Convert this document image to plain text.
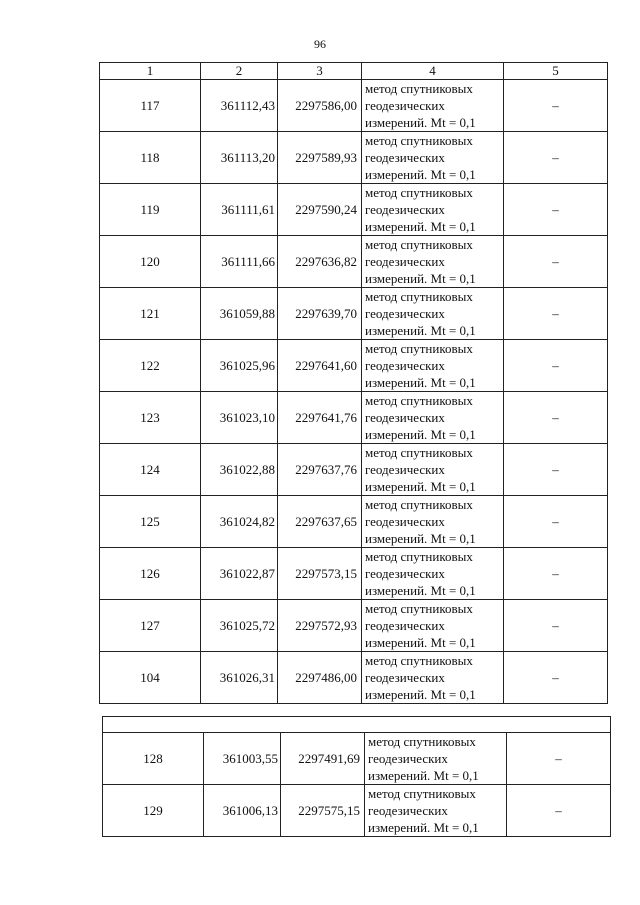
96
1	2	3	4	5
117	361112,43	2297586,00	метод спутниковых
геодезических
измерений. Mt = 0,1	–
118	361113,20	2297589,93	метод спутниковых
геодезических
измерений. Mt = 0,1	–
119	361111,61	2297590,24	метод спутниковых
геодезических
измерений. Mt = 0,1	–
120	361111,66	2297636,82	метод спутниковых
геодезических
измерений. Mt = 0,1	–
121	361059,88	2297639,70	метод спутниковых
геодезических
измерений. Mt = 0,1	–
122	361025,96	2297641,60	метод спутниковых
геодезических
измерений. Mt = 0,1	–
123	361023,10	2297641,76	метод спутниковых
геодезических
измерений. Mt = 0,1	–
124	361022,88	2297637,76	метод спутниковых
геодезических
измерений. Mt = 0,1	–
125	361024,82	2297637,65	метод спутниковых
геодезических
измерений. Mt = 0,1	–
126	361022,87	2297573,15	метод спутниковых
геодезических
измерений. Mt = 0,1	–
127	361025,72	2297572,93	метод спутниковых
геодезических
измерений. Mt = 0,1	–
104	361026,31	2297486,00	метод спутниковых
геодезических
измерений. Mt = 0,1	–

128	361003,55	2297491,69	метод спутниковых
геодезических
измерений. Mt = 0,1	–
129	361006,13	2297575,15	метод спутниковых
геодезических
измерений. Mt = 0,1	–
